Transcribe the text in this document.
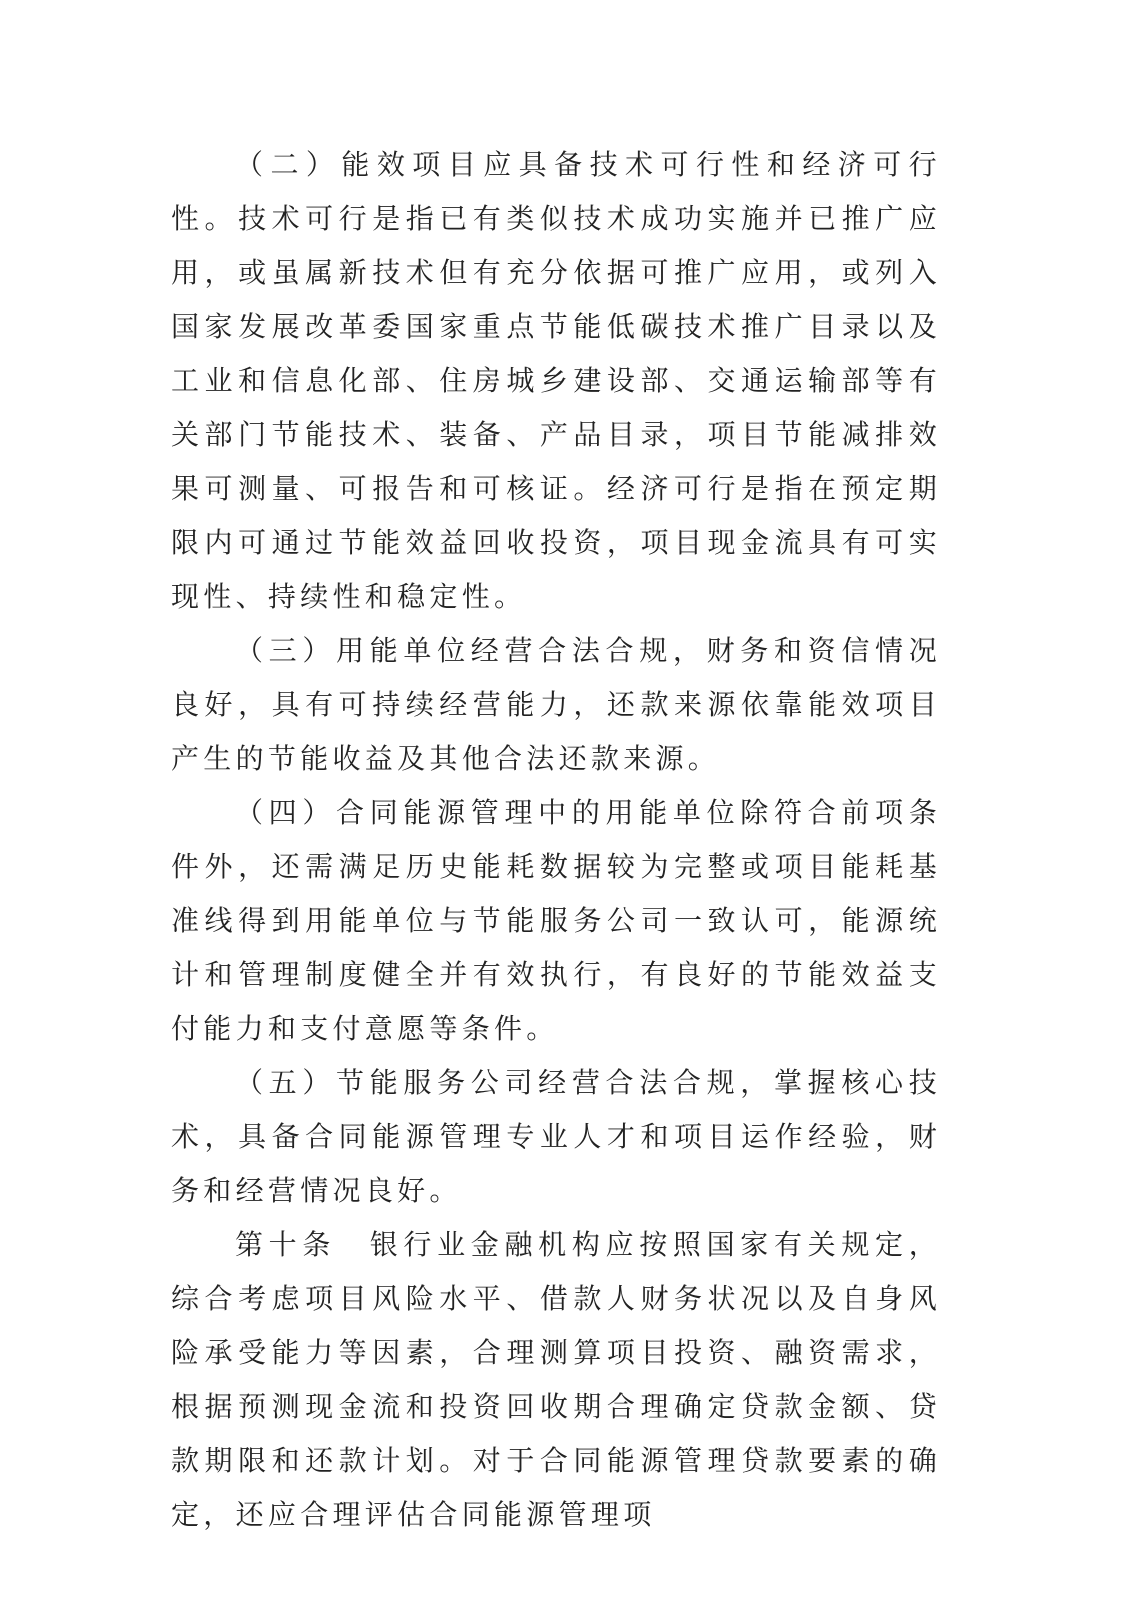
（二）能效项目应具备技术可行性和经济可行性。技术可行是指已有类似技术成功实施并已推广应用，或虽属新技术但有充分依据可推广应用，或列入国家发展改革委国家重点节能低碳技术推广目录以及工业和信息化部、住房城乡建设部、交通运输部等有关部门节能技术、装备、产品目录，项目节能减排效果可测量、可报告和可核证。经济可行是指在预定期限内可通过节能效益回收投资，项目现金流具有可实现性、持续性和稳定性。

（三）用能单位经营合法合规，财务和资信情况良好，具有可持续经营能力，还款来源依靠能效项目产生的节能收益及其他合法还款来源。

（四）合同能源管理中的用能单位除符合前项条件外，还需满足历史能耗数据较为完整或项目能耗基准线得到用能单位与节能服务公司一致认可，能源统计和管理制度健全并有效执行，有良好的节能效益支付能力和支付意愿等条件。

（五）节能服务公司经营合法合规，掌握核心技术，具备合同能源管理专业人才和项目运作经验，财务和经营情况良好。

第十条　银行业金融机构应按照国家有关规定，综合考虑项目风险水平、借款人财务状况以及自身风险承受能力等因素，合理测算项目投资、融资需求，根据预测现金流和投资回收期合理确定贷款金额、贷款期限和还款计划。对于合同能源管理贷款要素的确定，还应合理评估合同能源管理项
